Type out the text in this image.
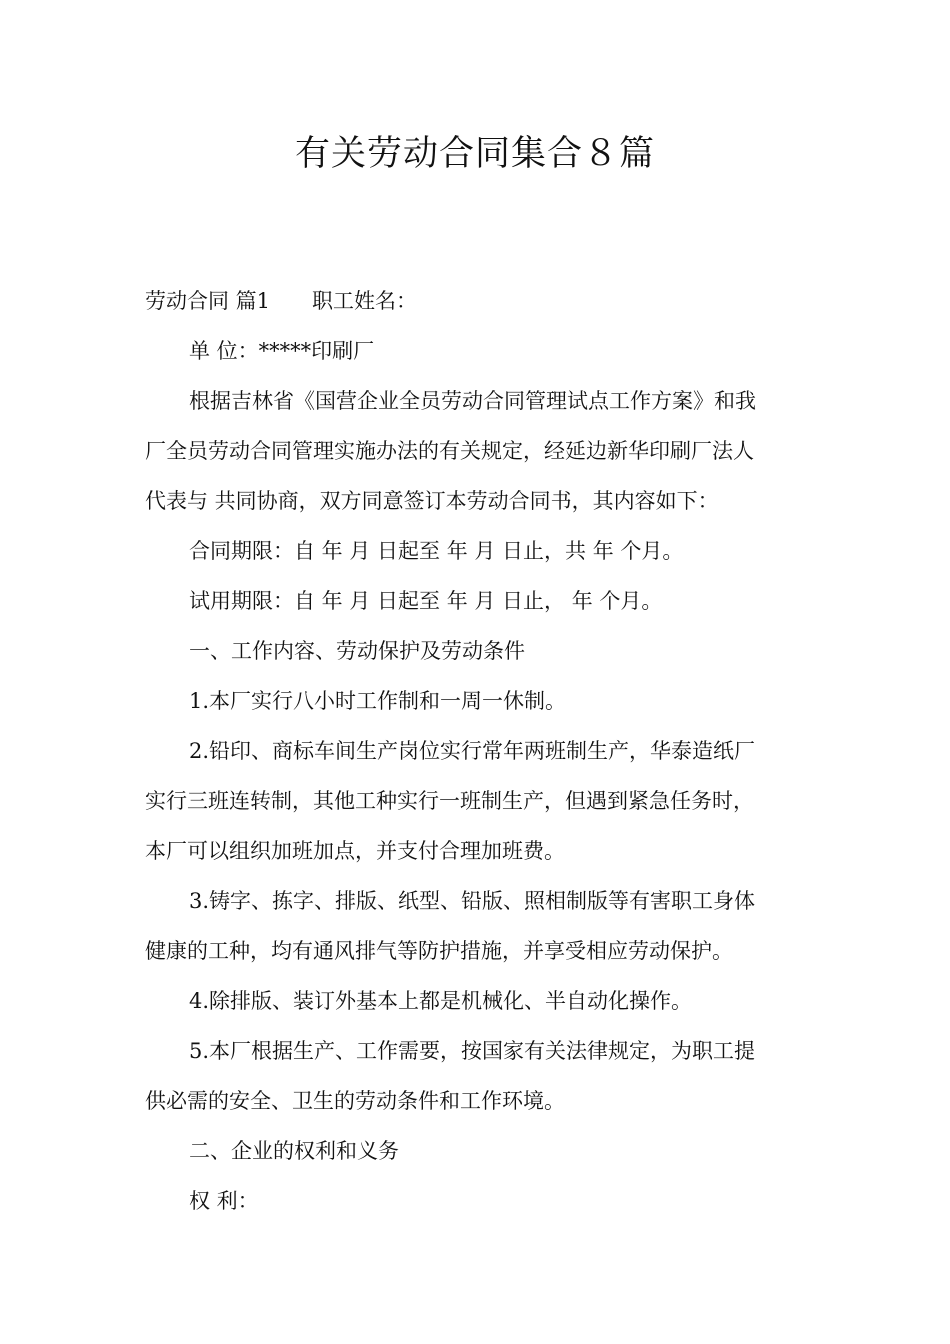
有关劳动合同集合８篇

劳动合同 篇1 职工姓名：

单 位：*****印刷厂

根据吉林省《国营企业全员劳动合同管理试点工作方案》和我

厂全员劳动合同管理实施办法的有关规定，经延边新华印刷厂法人

代表与 共同协商，双方同意签订本劳动合同书，其内容如下：

合同期限：自 年 月 日起至 年 月 日止，共 年 个月。

试用期限：自 年 月 日起至 年 月 日止， 年 个月。

一、工作内容、劳动保护及劳动条件

1.本厂实行八小时工作制和一周一休制。

2.铅印、商标车间生产岗位实行常年两班制生产，华泰造纸厂

实行三班连转制，其他工种实行一班制生产，但遇到紧急任务时，

本厂可以组织加班加点，并支付合理加班费。

3.铸字、拣字、排版、纸型、铅版、照相制版等有害职工身体

健康的工种，均有通风排气等防护措施，并享受相应劳动保护。

4.除排版、装订外基本上都是机械化、半自动化操作。

5.本厂根据生产、工作需要，按国家有关法律规定，为职工提

供必需的安全、卫生的劳动条件和工作环境。

二、企业的权利和义务

权 利：
